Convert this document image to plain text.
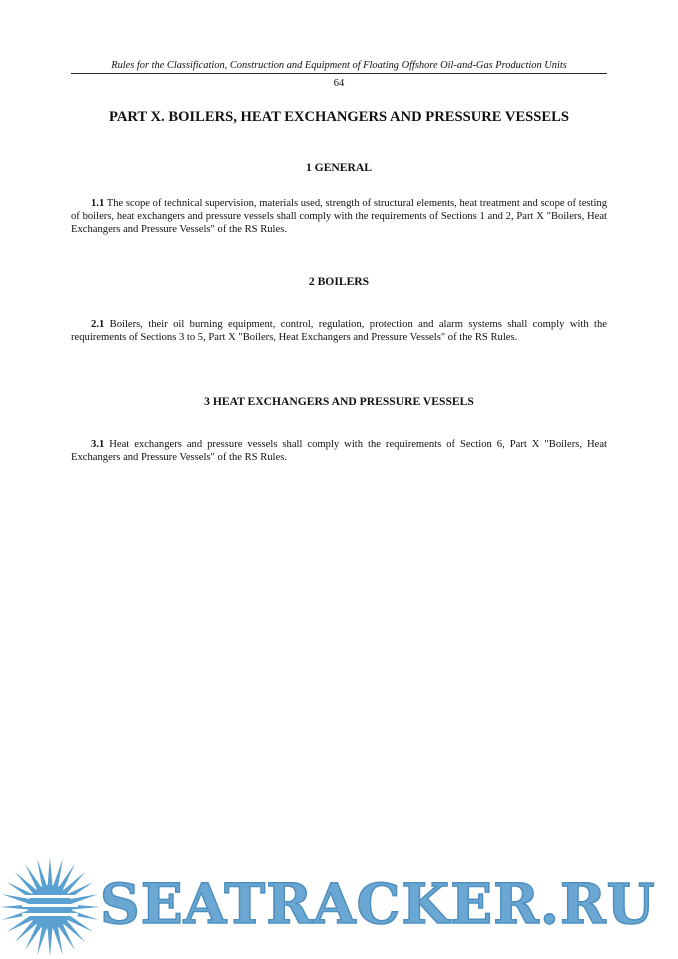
Rules for the Classification, Construction and Equipment of Floating Offshore Oil-and-Gas Production Units
64
PART X. BOILERS, HEAT EXCHANGERS AND PRESSURE VESSELS
1 GENERAL

1.1 The scope of technical supervision, materials used, strength of structural elements, heat treatment and scope of testing of boilers, heat exchangers and pressure vessels shall comply with the requirements of Sections 1 and 2, Part X "Boilers, Heat Exchangers and Pressure Vessels" of the RS Rules.

2 BOILERS

2.1 Boilers, their oil burning equipment, control, regulation, protection and alarm systems shall comply with the requirements of Sections 3 to 5, Part X "Boilers, Heat Exchangers and Pressure Vessels" of the RS Rules.

3 HEAT EXCHANGERS AND PRESSURE VESSELS

3.1 Heat exchangers and pressure vessels shall comply with the requirements of Section 6, Part X "Boilers, Heat Exchangers and Pressure Vessels" of the RS Rules.

SEATRACKER.RU
